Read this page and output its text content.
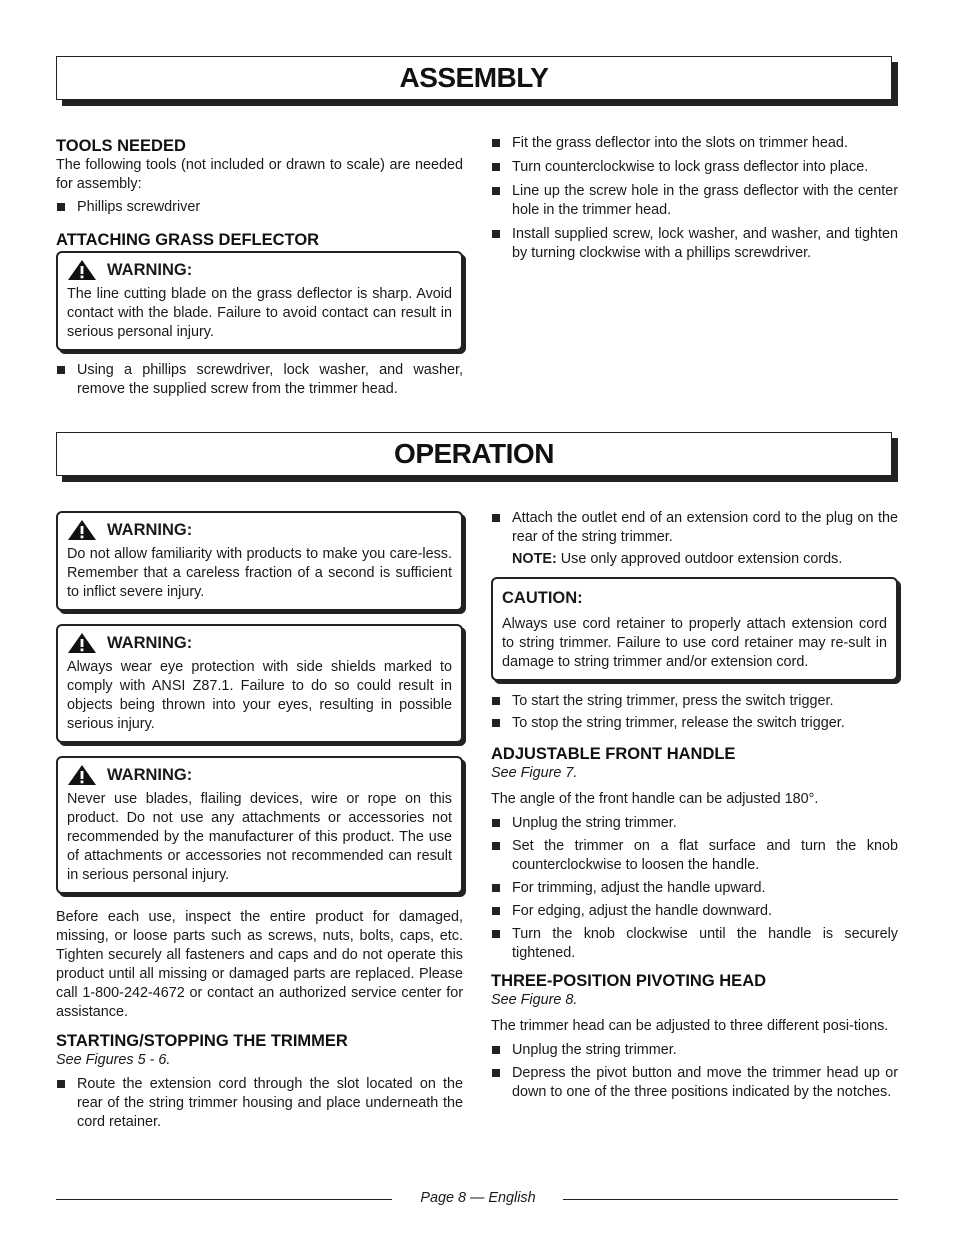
ASSEMBLY
TOOLS NEEDED

The following tools (not included or drawn to scale) are needed for assembly:

Phillips screwdriver
ATTACHING GRASS DEFLECTOR
WARNING:
The line cutting blade on the grass deflector is sharp. Avoid contact with the blade. Failure to avoid contact can result in serious personal injury.
Using a phillips screwdriver, lock washer, and washer, remove the supplied screw from the trimmer head.
Fit the grass deflector into the slots on trimmer head.
Turn counterclockwise to lock grass deflector into place.
Line up the screw hole in the grass deflector with the center hole in the trimmer head.
Install supplied screw, lock washer, and washer, and tighten by turning clockwise with a phillips screwdriver.
OPERATION
WARNING:
Do not allow familiarity with products to make you care-less. Remember that a careless fraction of a second is sufficient to inflict severe injury.
WARNING:
Always wear eye protection with side shields marked to comply with ANSI Z87.1. Failure to do so could result in objects being thrown into your eyes, resulting in possible serious injury.
WARNING:
Never use blades, flailing devices, wire or rope on this product. Do not use any attachments or accessories not recommended by the manufacturer of this product. The use of attachments or accessories not recommended can result in serious personal injury.

Before each use, inspect the entire product for damaged, missing, or loose parts such as screws, nuts, bolts, caps, etc. Tighten securely all fasteners and caps and do not operate this product until all missing or damaged parts are replaced. Please call 1-800-242-4672 or contact an authorized service center for assistance.

STARTING/STOPPING THE TRIMMER

See Figures 5 - 6.

Route the extension cord through the slot located on the rear of the string trimmer housing and place underneath the cord retainer.
Attach the outlet end of an extension cord to the plug on the rear of the string trimmer.

NOTE: Use only approved outdoor extension cords.

CAUTION:
Always use cord retainer to properly attach extension cord to string trimmer. Failure to use cord retainer may re-sult in damage to string trimmer and/or extension cord.
To start the string trimmer, press the switch trigger.
To stop the string trimmer, release the switch trigger.
ADJUSTABLE FRONT HANDLE

See Figure 7.

The angle of the front handle can be adjusted 180°.

Unplug the string trimmer.
Set the trimmer on a flat surface and turn the knob counterclockwise to loosen the handle.
For trimming, adjust the handle upward.
For edging, adjust the handle downward.
Turn the knob clockwise until the handle is securely tightened.
THREE-POSITION PIVOTING HEAD

See Figure 8.

The trimmer head can be adjusted to three different posi-tions.

Unplug the string trimmer.
Depress the pivot button and move the trimmer head up or down to one of the three positions indicated by the notches.
Page 8 — English
